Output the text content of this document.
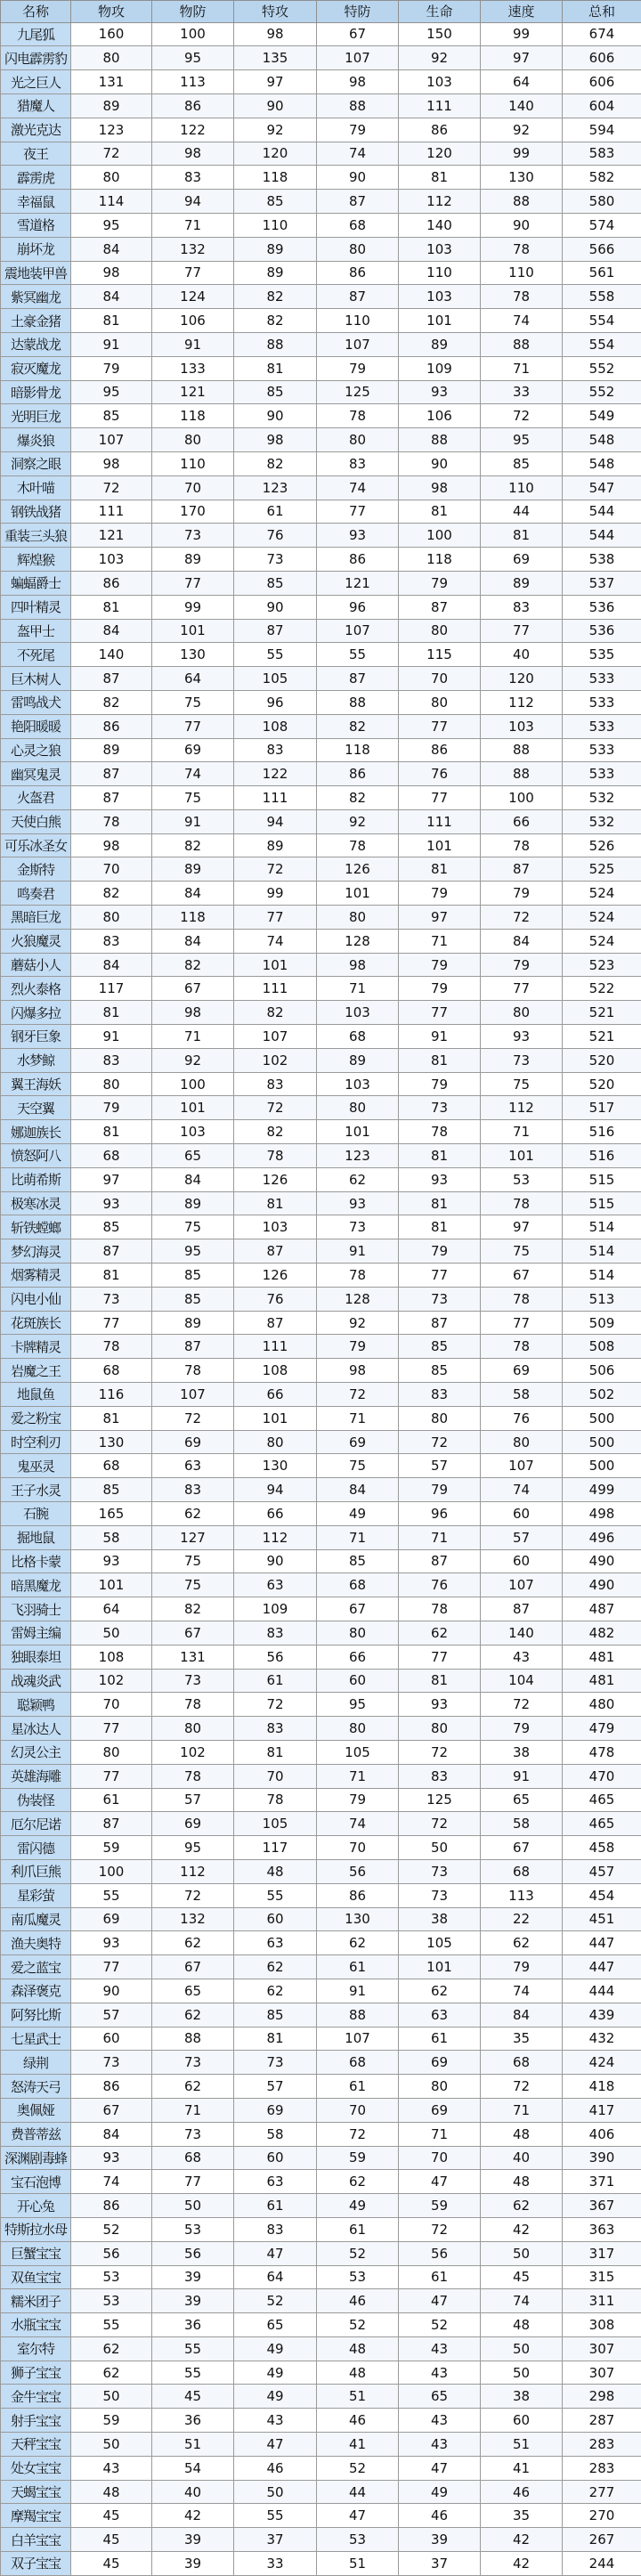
名称	物攻	物防	特攻	特防	生命	速度	总和
九尾狐	160	100	98	67	150	99	674
闪电霹雳豹	80	95	135	107	92	97	606
光之巨人	131	113	97	98	103	64	606
猎魔人	89	86	90	88	111	140	604
激光克达	123	122	92	79	86	92	594
夜王	72	98	120	74	120	99	583
霹雳虎	80	83	118	90	81	130	582
幸福鼠	114	94	85	87	112	88	580
雪道格	95	71	110	68	140	90	574
崩坏龙	84	132	89	80	103	78	566
震地装甲兽	98	77	89	86	110	110	561
紫冥幽龙	84	124	82	87	103	78	558
土豪金猪	81	106	82	110	101	74	554
达蒙战龙	91	91	88	107	89	88	554
寂灭魔龙	79	133	81	79	109	71	552
暗影骨龙	95	121	85	125	93	33	552
光明巨龙	85	118	90	78	106	72	549
爆炎狼	107	80	98	80	88	95	548
洞察之眼	98	110	82	83	90	85	548
木叶喵	72	70	123	74	98	110	547
钢铁战猪	111	170	61	77	81	44	544
重装三头狼	121	73	76	93	100	81	544
辉煌猴	103	89	73	86	118	69	538
蝙蝠爵士	86	77	85	121	79	89	537
四叶精灵	81	99	90	96	87	83	536
盔甲士	84	101	87	107	80	77	536
不死尾	140	130	55	55	115	40	535
巨木树人	87	64	105	87	70	120	533
雷鸣战犬	82	75	96	88	80	112	533
艳阳暖暖	86	77	108	82	77	103	533
心灵之狼	89	69	83	118	86	88	533
幽冥鬼灵	87	74	122	86	76	88	533
火盔君	87	75	111	82	77	100	532
天使白熊	78	91	94	92	111	66	532
可乐冰圣女	98	82	89	78	101	78	526
金斯特	70	89	72	126	81	87	525
鸣奏君	82	84	99	101	79	79	524
黑暗巨龙	80	118	77	80	97	72	524
火狼魔灵	83	84	74	128	71	84	524
蘑菇小人	84	82	101	98	79	79	523
烈火泰格	117	67	111	71	79	77	522
闪爆多拉	81	98	82	103	77	80	521
钢牙巨象	91	71	107	68	91	93	521
水梦鲸	83	92	102	89	81	73	520
翼王海妖	80	100	83	103	79	75	520
天空翼	79	101	72	80	73	112	517
娜迦族长	81	103	82	101	78	71	516
愤怒阿八	68	65	78	123	81	101	516
比萌希斯	97	84	126	62	93	53	515
极寒冰灵	93	89	81	93	81	78	515
斩铁螳螂	85	75	103	73	81	97	514
梦幻海灵	87	95	87	91	79	75	514
烟雾精灵	81	85	126	78	77	67	514
闪电小仙	73	85	76	128	73	78	513
花斑族长	77	89	87	92	87	77	509
卡牌精灵	78	87	111	79	85	78	508
岩魔之王	68	78	108	98	85	69	506
地鼠鱼	116	107	66	72	83	58	502
爱之粉宝	81	72	101	71	80	76	500
时空利刃	130	69	80	69	72	80	500
鬼巫灵	68	63	130	75	57	107	500
王子水灵	85	83	94	84	79	74	499
石腕	165	62	66	49	96	60	498
掘地鼠	58	127	112	71	71	57	496
比格卡蒙	93	75	90	85	87	60	490
暗黑魔龙	101	75	63	68	76	107	490
飞羽骑士	64	82	109	67	78	87	487
雷姆主编	50	67	83	80	62	140	482
独眼泰坦	108	131	56	66	77	43	481
战魂炎武	102	73	61	60	81	104	481
聪颖鸭	70	78	72	95	93	72	480
星冰达人	77	80	83	80	80	79	479
幻灵公主	80	102	81	105	72	38	478
英雄海雕	77	78	70	71	83	91	470
伪装怪	61	57	78	79	125	65	465
厄尔尼诺	87	69	105	74	72	58	465
雷闪德	59	95	117	70	50	67	458
利爪巨熊	100	112	48	56	73	68	457
星彩萤	55	72	55	86	73	113	454
南瓜魔灵	69	132	60	130	38	22	451
渔夫奥特	93	62	63	62	105	62	447
爱之蓝宝	77	67	62	61	101	79	447
森泽褒克	90	65	62	91	62	74	444
阿努比斯	57	62	85	88	63	84	439
七星武士	60	88	81	107	61	35	432
绿荆	73	73	73	68	69	68	424
怒涛天弓	86	62	57	61	80	72	418
奥佩娅	67	71	69	70	69	71	417
费普蒂兹	84	73	58	72	71	48	406
深渊剧毒蜂	93	68	60	59	70	40	390
宝石泡博	74	77	63	62	47	48	371
开心兔	86	50	61	49	59	62	367
特斯拉水母	52	53	83	61	72	42	363
巨蟹宝宝	56	56	47	52	56	50	317
双鱼宝宝	53	39	64	53	61	45	315
糯米团子	53	39	52	46	47	74	311
水瓶宝宝	55	36	65	52	52	48	308
室尔特	62	55	49	48	43	50	307
狮子宝宝	62	55	49	48	43	50	307
金牛宝宝	50	45	49	51	65	38	298
射手宝宝	59	36	43	46	43	60	287
天秤宝宝	50	51	47	41	43	51	283
处女宝宝	43	54	46	52	47	41	283
天蝎宝宝	48	40	50	44	49	46	277
摩羯宝宝	45	42	55	47	46	35	270
白羊宝宝	45	39	37	53	39	42	267
双子宝宝	45	39	33	51	37	42	244
